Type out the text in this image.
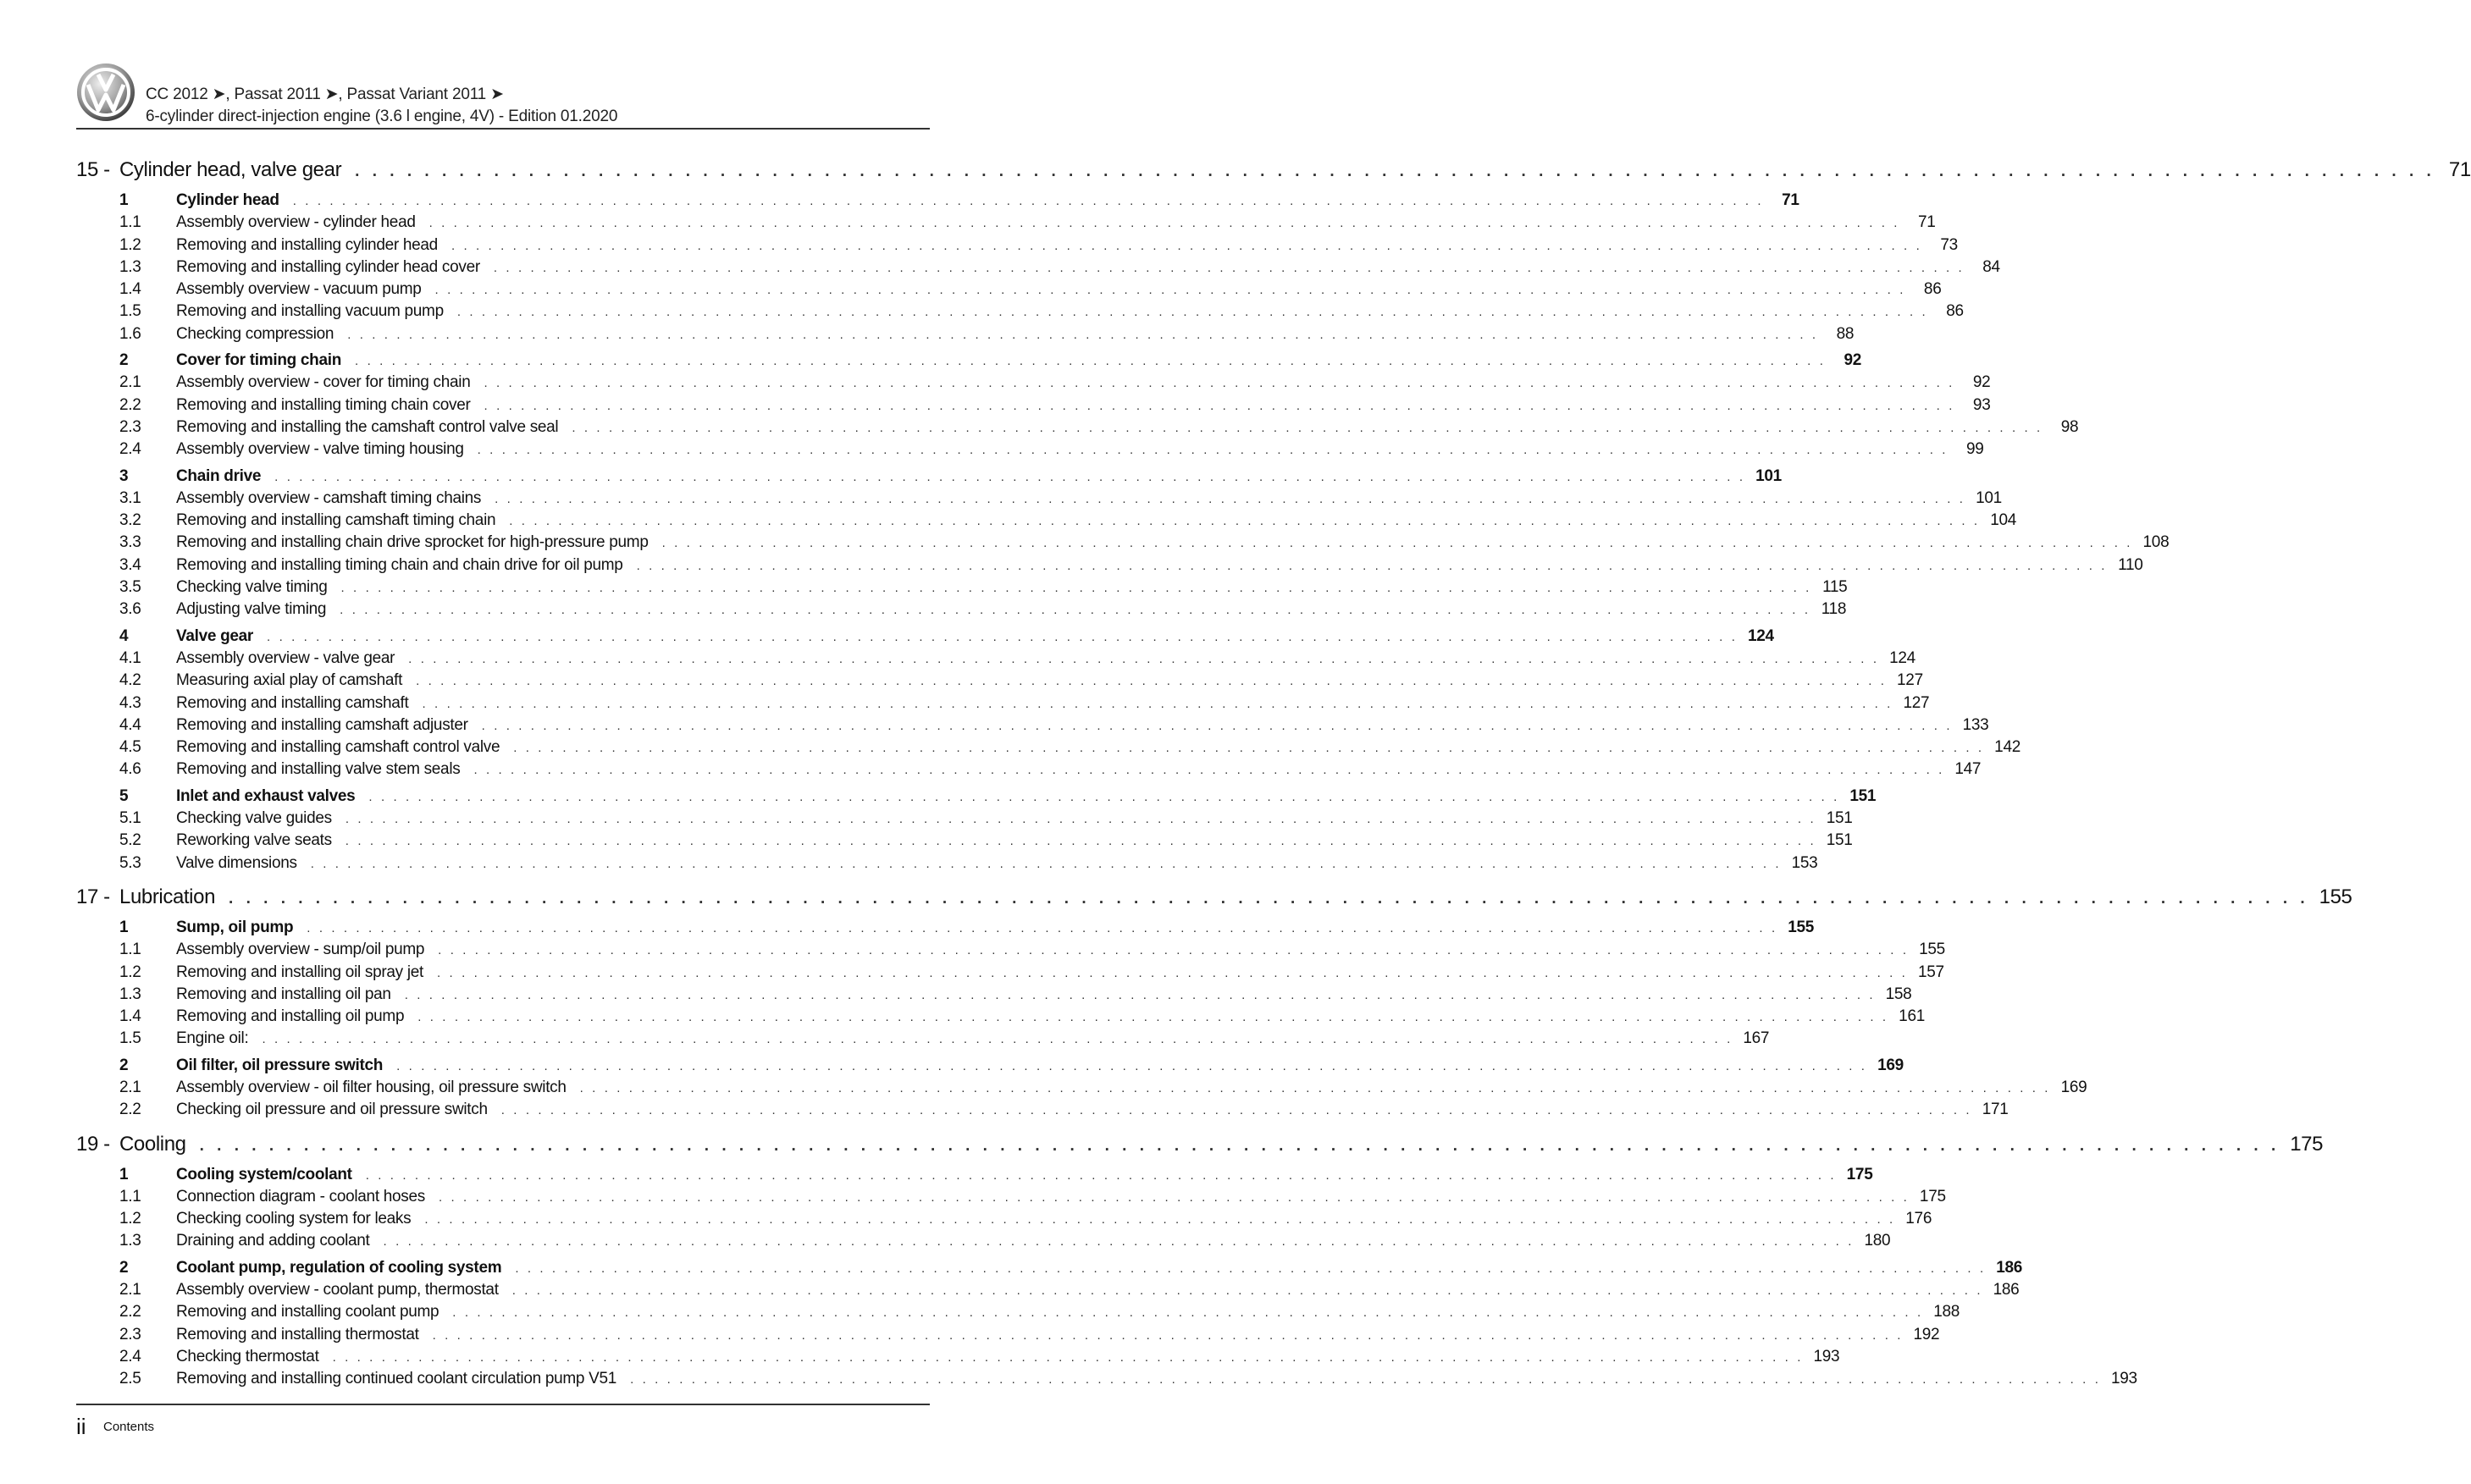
CC 2012 ➤, Passat 2011 ➤, Passat Variant 2011 ➤
6-cylinder direct-injection engine (3.6 l engine, 4V) - Edition 01.2020
15 - Cylinder head, valve gear . . . . . . . . . . . . . . . . . . . . . . . . . . . . . . . . . . . . . . . . . . . . . . . . . . . . . . . . . . . . . . . . . . . . . . . . . . . . . . . . . . . . . . . . . . . . . . . . . . . . . . . . . . . . . . . . . . . . . . . . 71
1	Cylinder head . . . . . . . . . . . . . . . . . . . . . . . . . . . . . . . . . . . . . . . . . . . . . . . . . . . . . . . . . . . . . . . . . . . . . . . . . . . . . . . . . . . . . . . . . . . . . . . . . . . . . . . . . . . . . . . . . . . . . . . .	71
1.1	Assembly overview - cylinder head . . . . . . . . . . . . . . . . . . . . . . . . . . . . . . . . . . . . . . . . . . . . . . . . . . . . . . . . . . . . . . . . . . . . . . . . . . . . . . . . . . . . . . . . . . . . . . . . . . . . . . . . . . . . . . . . . . . . . . . .	71
1.2	Removing and installing cylinder head . . . . . . . . . . . . . . . . . . . . . . . . . . . . . . . . . . . . . . . . . . . . . . . . . . . . . . . . . . . . . . . . . . . . . . . . . . . . . . . . . . . . . . . . . . . . . . . . . . . . . . . . . . . . . . . . . . . . . . . .	73
1.3	Removing and installing cylinder head cover . . . . . . . . . . . . . . . . . . . . . . . . . . . . . . . . . . . . . . . . . . . . . . . . . . . . . . . . . . . . . . . . . . . . . . . . . . . . . . . . . . . . . . . . . . . . . . . . . . . . . . . . . . . . . . . . . . . . . . . .	84
1.4	Assembly overview - vacuum pump . . . . . . . . . . . . . . . . . . . . . . . . . . . . . . . . . . . . . . . . . . . . . . . . . . . . . . . . . . . . . . . . . . . . . . . . . . . . . . . . . . . . . . . . . . . . . . . . . . . . . . . . . . . . . . . . . . . . . . . .	86
1.5	Removing and installing vacuum pump . . . . . . . . . . . . . . . . . . . . . . . . . . . . . . . . . . . . . . . . . . . . . . . . . . . . . . . . . . . . . . . . . . . . . . . . . . . . . . . . . . . . . . . . . . . . . . . . . . . . . . . . . . . . . . . . . . . . . . . .	86
1.6	Checking compression . . . . . . . . . . . . . . . . . . . . . . . . . . . . . . . . . . . . . . . . . . . . . . . . . . . . . . . . . . . . . . . . . . . . . . . . . . . . . . . . . . . . . . . . . . . . . . . . . . . . . . . . . . . . . . . . . . . . . . . .	88
2	Cover for timing chain . . . . . . . . . . . . . . . . . . . . . . . . . . . . . . . . . . . . . . . . . . . . . . . . . . . . . . . . . . . . . . . . . . . . . . . . . . . . . . . . . . . . . . . . . . . . . . . . . . . . . . . . . . . . . . . . . . . . . . . .	92
2.1	Assembly overview - cover for timing chain . . . . . . . . . . . . . . . . . . . . . . . . . . . . . . . . . . . . . . . . . . . . . . . . . . . . . . . . . . . . . . . . . . . . . . . . . . . . . . . . . . . . . . . . . . . . . . . . . . . . . . . . . . . . . . . . . . . . . . . .	92
2.2	Removing and installing timing chain cover . . . . . . . . . . . . . . . . . . . . . . . . . . . . . . . . . . . . . . . . . . . . . . . . . . . . . . . . . . . . . . . . . . . . . . . . . . . . . . . . . . . . . . . . . . . . . . . . . . . . . . . . . . . . . . . . . . . . . . . .	93
2.3	Removing and installing the camshaft control valve seal . . . . . . . . . . . . . . . . . . . . . . . . . . . . . . . . . . . . . . . . . . . . . . . . . . . . . . . . . . . . . . . . . . . . . . . . . . . . . . . . . . . . . . . . . . . . . . . . . . . . . . . . . . . . . . . . . . . . . . . .	98
2.4	Assembly overview - valve timing housing . . . . . . . . . . . . . . . . . . . . . . . . . . . . . . . . . . . . . . . . . . . . . . . . . . . . . . . . . . . . . . . . . . . . . . . . . . . . . . . . . . . . . . . . . . . . . . . . . . . . . . . . . . . . . . . . . . . . . . . .	99
3	Chain drive . . . . . . . . . . . . . . . . . . . . . . . . . . . . . . . . . . . . . . . . . . . . . . . . . . . . . . . . . . . . . . . . . . . . . . . . . . . . . . . . . . . . . . . . . . . . . . . . . . . . . . . . . . . . . . . . . . . . . . . . 101
3.1	Assembly overview - camshaft timing chains . . . . . . . . . . . . . . . . . . . . . . . . . . . . . . . . . . . . . . . . . . . . . . . . . . . . . . . . . . . . . . . . . . . . . . . . . . . . . . . . . . . . . . . . . . . . . . . . . . . . . . . . . . . . . . . . . . . . . . . . 101
3.2	Removing and installing camshaft timing chain . . . . . . . . . . . . . . . . . . . . . . . . . . . . . . . . . . . . . . . . . . . . . . . . . . . . . . . . . . . . . . . . . . . . . . . . . . . . . . . . . . . . . . . . . . . . . . . . . . . . . . . . . . . . . . . . . . . . . . . . 104
3.3	Removing and installing chain drive sprocket for high-pressure pump . . . . . . . . . . . . . . . . . . . . . . . . . . . . . . . . . . . . . . . . . . . . . . . . . . . . . . . . . . . . . . . . . . . . . . . . . . . . . . . . . . . . . . . . . . . . . . . . . . . . . . . . . . . . . . . . . . . . . . . . 108
3.4	Removing and installing timing chain and chain drive for oil pump . . . . . . . . . . . . . . . . . . . . . . . . . . . . . . . . . . . . . . . . . . . . . . . . . . . . . . . . . . . . . . . . . . . . . . . . . . . . . . . . . . . . . . . . . . . . . . . . . . . . . . . . . . . . . . . . . . . . . . . . 110
3.5	Checking valve timing . . . . . . . . . . . . . . . . . . . . . . . . . . . . . . . . . . . . . . . . . . . . . . . . . . . . . . . . . . . . . . . . . . . . . . . . . . . . . . . . . . . . . . . . . . . . . . . . . . . . . . . . . . . . . . . . . . . . . . . . 115
3.6	Adjusting valve timing . . . . . . . . . . . . . . . . . . . . . . . . . . . . . . . . . . . . . . . . . . . . . . . . . . . . . . . . . . . . . . . . . . . . . . . . . . . . . . . . . . . . . . . . . . . . . . . . . . . . . . . . . . . . . . . . . . . . . . . . 118
4	Valve gear . . . . . . . . . . . . . . . . . . . . . . . . . . . . . . . . . . . . . . . . . . . . . . . . . . . . . . . . . . . . . . . . . . . . . . . . . . . . . . . . . . . . . . . . . . . . . . . . . . . . . . . . . . . . . . . . . . . . . . . . 124
4.1	Assembly overview - valve gear . . . . . . . . . . . . . . . . . . . . . . . . . . . . . . . . . . . . . . . . . . . . . . . . . . . . . . . . . . . . . . . . . . . . . . . . . . . . . . . . . . . . . . . . . . . . . . . . . . . . . . . . . . . . . . . . . . . . . . . . 124
4.2	Measuring axial play of camshaft . . . . . . . . . . . . . . . . . . . . . . . . . . . . . . . . . . . . . . . . . . . . . . . . . . . . . . . . . . . . . . . . . . . . . . . . . . . . . . . . . . . . . . . . . . . . . . . . . . . . . . . . . . . . . . . . . . . . . . . . 127
4.3	Removing and installing camshaft . . . . . . . . . . . . . . . . . . . . . . . . . . . . . . . . . . . . . . . . . . . . . . . . . . . . . . . . . . . . . . . . . . . . . . . . . . . . . . . . . . . . . . . . . . . . . . . . . . . . . . . . . . . . . . . . . . . . . . . . 127
4.4	Removing and installing camshaft adjuster . . . . . . . . . . . . . . . . . . . . . . . . . . . . . . . . . . . . . . . . . . . . . . . . . . . . . . . . . . . . . . . . . . . . . . . . . . . . . . . . . . . . . . . . . . . . . . . . . . . . . . . . . . . . . . . . . . . . . . . . 133
4.5	Removing and installing camshaft control valve . . . . . . . . . . . . . . . . . . . . . . . . . . . . . . . . . . . . . . . . . . . . . . . . . . . . . . . . . . . . . . . . . . . . . . . . . . . . . . . . . . . . . . . . . . . . . . . . . . . . . . . . . . . . . . . . . . . . . . . . 142
4.6	Removing and installing valve stem seals . . . . . . . . . . . . . . . . . . . . . . . . . . . . . . . . . . . . . . . . . . . . . . . . . . . . . . . . . . . . . . . . . . . . . . . . . . . . . . . . . . . . . . . . . . . . . . . . . . . . . . . . . . . . . . . . . . . . . . . . 147
5	Inlet and exhaust valves . . . . . . . . . . . . . . . . . . . . . . . . . . . . . . . . . . . . . . . . . . . . . . . . . . . . . . . . . . . . . . . . . . . . . . . . . . . . . . . . . . . . . . . . . . . . . . . . . . . . . . . . . . . . . . . . . . . . . . . . 151
5.1	Checking valve guides . . . . . . . . . . . . . . . . . . . . . . . . . . . . . . . . . . . . . . . . . . . . . . . . . . . . . . . . . . . . . . . . . . . . . . . . . . . . . . . . . . . . . . . . . . . . . . . . . . . . . . . . . . . . . . . . . . . . . . . . 151
5.2	Reworking valve seats . . . . . . . . . . . . . . . . . . . . . . . . . . . . . . . . . . . . . . . . . . . . . . . . . . . . . . . . . . . . . . . . . . . . . . . . . . . . . . . . . . . . . . . . . . . . . . . . . . . . . . . . . . . . . . . . . . . . . . . . 151
5.3	Valve dimensions . . . . . . . . . . . . . . . . . . . . . . . . . . . . . . . . . . . . . . . . . . . . . . . . . . . . . . . . . . . . . . . . . . . . . . . . . . . . . . . . . . . . . . . . . . . . . . . . . . . . . . . . . . . . . . . . . . . . . . . . 153
17 - Lubrication . . . . . . . . . . . . . . . . . . . . . . . . . . . . . . . . . . . . . . . . . . . . . . . . . . . . . . . . . . . . . . . . . . . . . . . . . . . . . . . . . . . . . . . . . . . . . . . . . . . . . . . . . . . . . . . . . . . . . . . . 155
1	Sump, oil pump . . . . . . . . . . . . . . . . . . . . . . . . . . . . . . . . . . . . . . . . . . . . . . . . . . . . . . . . . . . . . . . . . . . . . . . . . . . . . . . . . . . . . . . . . . . . . . . . . . . . . . . . . . . . . . . . . . . . . . . . 155
1.1	Assembly overview - sump/oil pump . . . . . . . . . . . . . . . . . . . . . . . . . . . . . . . . . . . . . . . . . . . . . . . . . . . . . . . . . . . . . . . . . . . . . . . . . . . . . . . . . . . . . . . . . . . . . . . . . . . . . . . . . . . . . . . . . . . . . . . . 155
1.2	Removing and installing oil spray jet . . . . . . . . . . . . . . . . . . . . . . . . . . . . . . . . . . . . . . . . . . . . . . . . . . . . . . . . . . . . . . . . . . . . . . . . . . . . . . . . . . . . . . . . . . . . . . . . . . . . . . . . . . . . . . . . . . . . . . . . 157
1.3	Removing and installing oil pan . . . . . . . . . . . . . . . . . . . . . . . . . . . . . . . . . . . . . . . . . . . . . . . . . . . . . . . . . . . . . . . . . . . . . . . . . . . . . . . . . . . . . . . . . . . . . . . . . . . . . . . . . . . . . . . . . . . . . . . . 158
1.4	Removing and installing oil pump . . . . . . . . . . . . . . . . . . . . . . . . . . . . . . . . . . . . . . . . . . . . . . . . . . . . . . . . . . . . . . . . . . . . . . . . . . . . . . . . . . . . . . . . . . . . . . . . . . . . . . . . . . . . . . . . . . . . . . . . 161
1.5	Engine oil: . . . . . . . . . . . . . . . . . . . . . . . . . . . . . . . . . . . . . . . . . . . . . . . . . . . . . . . . . . . . . . . . . . . . . . . . . . . . . . . . . . . . . . . . . . . . . . . . . . . . . . . . . . . . . . . . . . . . . . . . 167
2	Oil filter, oil pressure switch . . . . . . . . . . . . . . . . . . . . . . . . . . . . . . . . . . . . . . . . . . . . . . . . . . . . . . . . . . . . . . . . . . . . . . . . . . . . . . . . . . . . . . . . . . . . . . . . . . . . . . . . . . . . . . . . . . . . . . . . 169
2.1	Assembly overview - oil filter housing, oil pressure switch . . . . . . . . . . . . . . . . . . . . . . . . . . . . . . . . . . . . . . . . . . . . . . . . . . . . . . . . . . . . . . . . . . . . . . . . . . . . . . . . . . . . . . . . . . . . . . . . . . . . . . . . . . . . . . . . . . . . . . . . 169
2.2	Checking oil pressure and oil pressure switch . . . . . . . . . . . . . . . . . . . . . . . . . . . . . . . . . . . . . . . . . . . . . . . . . . . . . . . . . . . . . . . . . . . . . . . . . . . . . . . . . . . . . . . . . . . . . . . . . . . . . . . . . . . . . . . . . . . . . . . . 171
19 - Cooling . . . . . . . . . . . . . . . . . . . . . . . . . . . . . . . . . . . . . . . . . . . . . . . . . . . . . . . . . . . . . . . . . . . . . . . . . . . . . . . . . . . . . . . . . . . . . . . . . . . . . . . . . . . . . . . . . . . . . . . . 175
1	Cooling system/coolant . . . . . . . . . . . . . . . . . . . . . . . . . . . . . . . . . . . . . . . . . . . . . . . . . . . . . . . . . . . . . . . . . . . . . . . . . . . . . . . . . . . . . . . . . . . . . . . . . . . . . . . . . . . . . . . . . . . . . . . . 175
1.1	Connection diagram - coolant hoses . . . . . . . . . . . . . . . . . . . . . . . . . . . . . . . . . . . . . . . . . . . . . . . . . . . . . . . . . . . . . . . . . . . . . . . . . . . . . . . . . . . . . . . . . . . . . . . . . . . . . . . . . . . . . . . . . . . . . . . . 175
1.2	Checking cooling system for leaks . . . . . . . . . . . . . . . . . . . . . . . . . . . . . . . . . . . . . . . . . . . . . . . . . . . . . . . . . . . . . . . . . . . . . . . . . . . . . . . . . . . . . . . . . . . . . . . . . . . . . . . . . . . . . . . . . . . . . . . . 176
1.3	Draining and adding coolant . . . . . . . . . . . . . . . . . . . . . . . . . . . . . . . . . . . . . . . . . . . . . . . . . . . . . . . . . . . . . . . . . . . . . . . . . . . . . . . . . . . . . . . . . . . . . . . . . . . . . . . . . . . . . . . . . . . . . . . . 180
2	Coolant pump, regulation of cooling system . . . . . . . . . . . . . . . . . . . . . . . . . . . . . . . . . . . . . . . . . . . . . . . . . . . . . . . . . . . . . . . . . . . . . . . . . . . . . . . . . . . . . . . . . . . . . . . . . . . . . . . . . . . . . . . . . . . . . . . . 186
2.1	Assembly overview - coolant pump, thermostat . . . . . . . . . . . . . . . . . . . . . . . . . . . . . . . . . . . . . . . . . . . . . . . . . . . . . . . . . . . . . . . . . . . . . . . . . . . . . . . . . . . . . . . . . . . . . . . . . . . . . . . . . . . . . . . . . . . . . . . . 186
2.2	Removing and installing coolant pump . . . . . . . . . . . . . . . . . . . . . . . . . . . . . . . . . . . . . . . . . . . . . . . . . . . . . . . . . . . . . . . . . . . . . . . . . . . . . . . . . . . . . . . . . . . . . . . . . . . . . . . . . . . . . . . . . . . . . . . . 188
2.3	Removing and installing thermostat . . . . . . . . . . . . . . . . . . . . . . . . . . . . . . . . . . . . . . . . . . . . . . . . . . . . . . . . . . . . . . . . . . . . . . . . . . . . . . . . . . . . . . . . . . . . . . . . . . . . . . . . . . . . . . . . . . . . . . . . 192
2.4	Checking thermostat . . . . . . . . . . . . . . . . . . . . . . . . . . . . . . . . . . . . . . . . . . . . . . . . . . . . . . . . . . . . . . . . . . . . . . . . . . . . . . . . . . . . . . . . . . . . . . . . . . . . . . . . . . . . . . . . . . . . . . . . 193
2.5	Removing and installing continued coolant circulation pump V51 . . . . . . . . . . . . . . . . . . . . . . . . . . . . . . . . . . . . . . . . . . . . . . . . . . . . . . . . . . . . . . . . . . . . . . . . . . . . . . . . . . . . . . . . . . . . . . . . . . . . . . . . . . . . . . . . . . . . . . . . 193
ii Contents
